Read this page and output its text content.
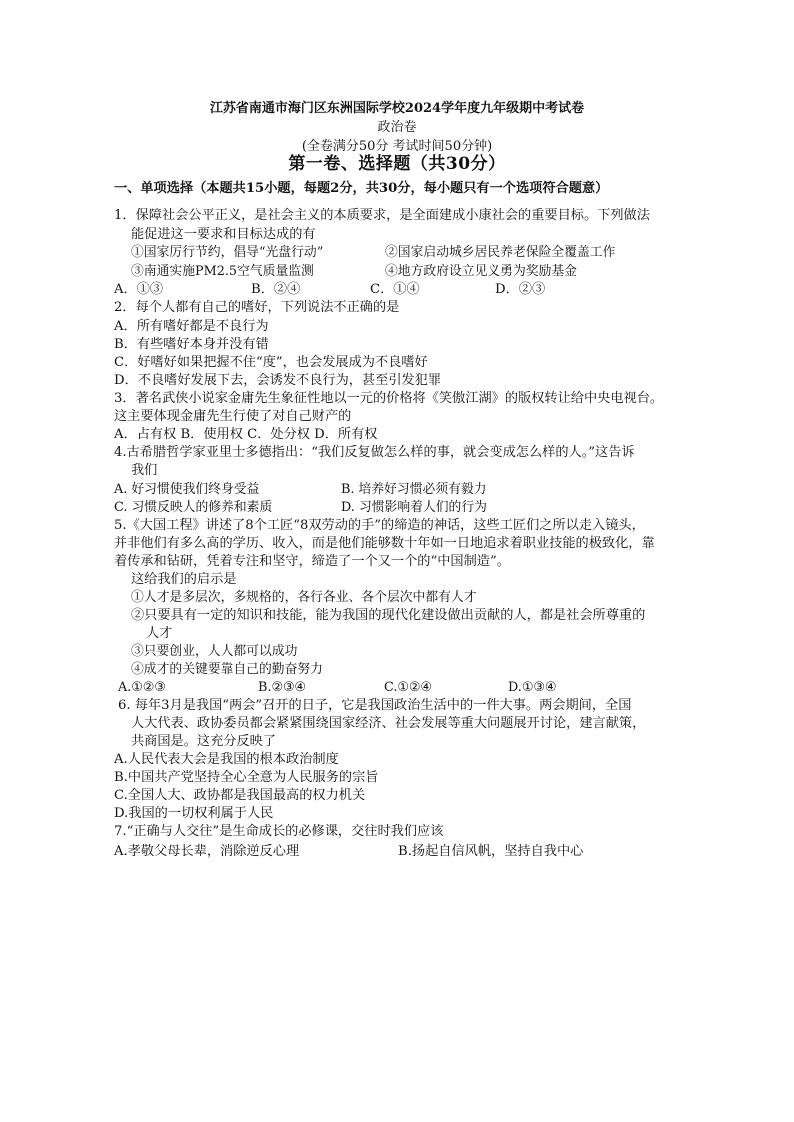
江苏省南通市海门区东洲国际学校2024学年度九年级期中考试卷
政治卷
(全卷满分50分 考试时间50分钟)
第一卷、选择题（共30分）
一、单项选择（本题共15小题，每题2分，共30分，每小题只有一个选项符合题意）
1．保障社会公平正义，是社会主义的本质要求，是全面建成小康社会的重要目标。下列做法
能促进这一要求和目标达成的有
①国家厉行节约，倡导“光盘行动”	②国家启动城乡居民养老保险全覆盖工作
③南通实施PM2.5空气质量监测	④地方政府设立见义勇为奖励基金
A．①③	B．②④	C．①④	D．②③
2．每个人都有自己的嗜好，下列说法不正确的是
A．所有嗜好都是不良行为
B．有些嗜好本身并没有错
C．好嗜好如果把握不住“度”，也会发展成为不良嗜好
D．不良嗜好发展下去，会诱发不良行为，甚至引发犯罪
3．著名武侠小说家金庸先生象征性地以一元的价格将《笑傲江湖》的版权转让给中央电视台。
这主要体现金庸先生行使了对自己财产的
A．占有权 B．使用权 C．处分权 D．所有权
4.古希腊哲学家亚里士多德指出：“我们反复做怎么样的事，就会变成怎么样的人。”这告诉
我们
A. 好习惯使我们终身受益	B. 培养好习惯必须有毅力
C. 习惯反映人的修养和素质	D. 习惯影响着人们的行为
5.《大国工程》讲述了8个工匠“8双劳动的手”的缔造的神话，这些工匠们之所以走入镜头，
并非他们有多么高的学历、收入，而是他们能够数十年如一日地追求着职业技能的极致化，靠
着传承和钻研，凭着专注和坚守，缔造了一个又一个的“中国制造”。
这给我们的启示是
①人才是多层次，多规格的，各行各业、各个层次中都有人才
②只要具有一定的知识和技能，能为我国的现代化建设做出贡献的人，都是社会所尊重的
人才
③只要创业，人人都可以成功
④成才的关键要靠自己的勤奋努力
A.①②③	B.②③④	C.①②④	D.①③④
6. 每年3月是我国“两会”召开的日子，它是我国政治生活中的一件大事。两会期间，全国
人大代表、政协委员都会紧紧围绕国家经济、社会发展等重大问题展开讨论，建言献策，
共商国是。这充分反映了
A.人民代表大会是我国的根本政治制度
B.中国共产党坚持全心全意为人民服务的宗旨
C.全国人大、政协都是我国最高的权力机关
D.我国的一切权利属于人民
7.“正确与人交往”是生命成长的必修课，交往时我们应该
A.孝敬父母长辈，消除逆反心理	B.扬起自信风帆，坚持自我中心
